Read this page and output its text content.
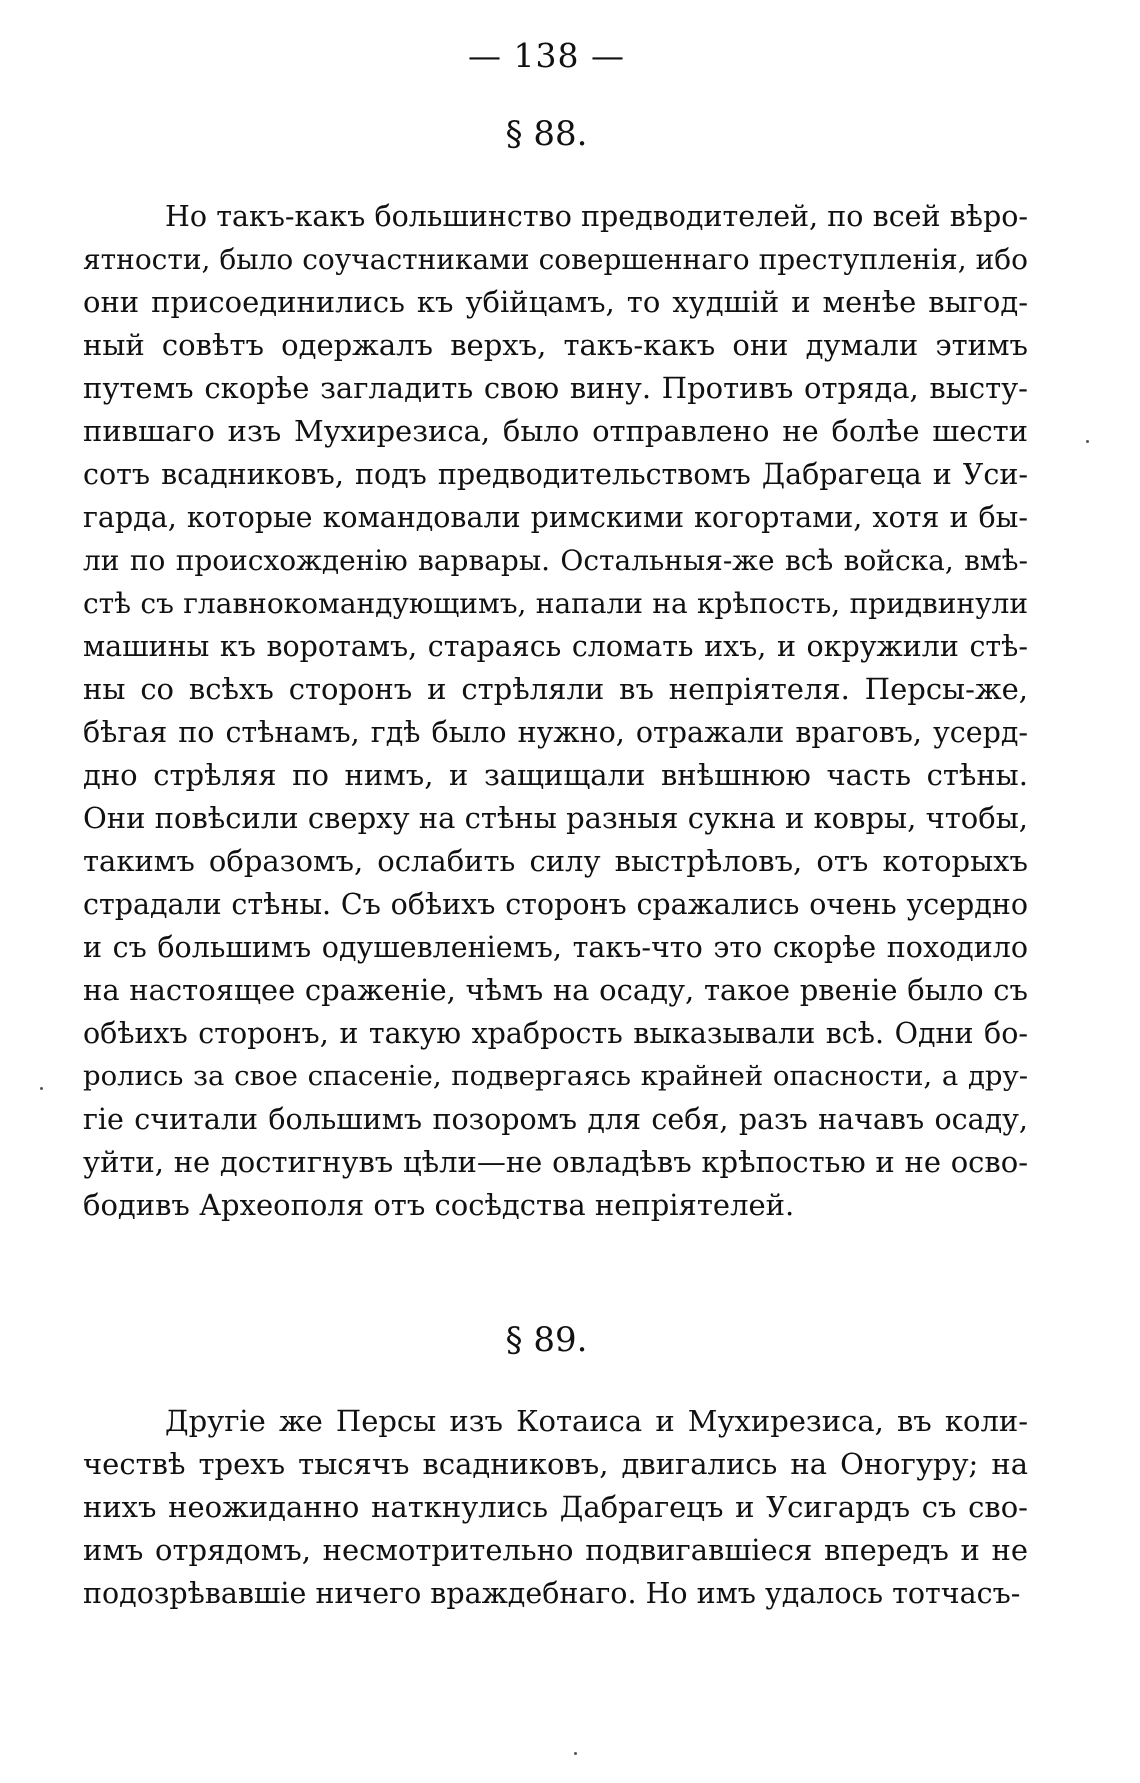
— 138 —
§ 88.
Но такъ-какъ большинство предводителей, по всей вѣро-
ятности, было соучастниками совершеннаго преступленія, ибо
они присоединились къ убійцамъ, то худшій и менѣе выгод-
ный совѣтъ одержалъ верхъ, такъ-какъ они думали этимъ
путемъ скорѣе загладить свою вину. Противъ отряда, высту-
пившаго изъ Мухирезиса, было отправлено не болѣе шести
сотъ всадниковъ, подъ предводительствомъ Дабрагеца и Уси-
гарда, которые командовали римскими когортами, хотя и бы-
ли по происхожденію варвары. Остальныя-же всѣ войска, вмѣ-
стѣ съ главнокомандующимъ, напали на крѣпость, придвинули
машины къ воротамъ, стараясь сломать ихъ, и окружили стѣ-
ны со всѣхъ сторонъ и стрѣляли въ непріятеля. Персы-же,
бѣгая по стѣнамъ, гдѣ было нужно, отражали враговъ, усерд-
дно стрѣляя по нимъ, и защищали внѣшнюю часть стѣны.
Они повѣсили сверху на стѣны разныя сукна и ковры, чтобы,
такимъ образомъ, ослабить силу выстрѣловъ, отъ которыхъ
страдали стѣны. Съ обѣихъ сторонъ сражались очень усердно
и съ большимъ одушевленіемъ, такъ-что это скорѣе походило
на настоящее сраженіе, чѣмъ на осаду, такое рвеніе было съ
обѣихъ сторонъ, и такую храбрость выказывали всѣ. Одни бо-
ролись за свое спасеніе, подвергаясь крайней опасности, а дру-
гіе считали большимъ позоромъ для себя, разъ начавъ осаду,
уйти, не достигнувъ цѣли—не овладѣвъ крѣпостью и не осво-
бодивъ Археополя отъ сосѣдства непріятелей.
§ 89.
Другіе же Персы изъ Котаиса и Мухирезиса, въ коли-
чествѣ трехъ тысячъ всадниковъ, двигались на Оногуру; на
нихъ неожиданно наткнулись Дабрагецъ и Усигардъ съ сво-
имъ отрядомъ, несмотрительно подвигавшіеся впередъ и не
подозрѣвавшіе ничего враждебнаго. Но имъ удалось тотчасъ-
